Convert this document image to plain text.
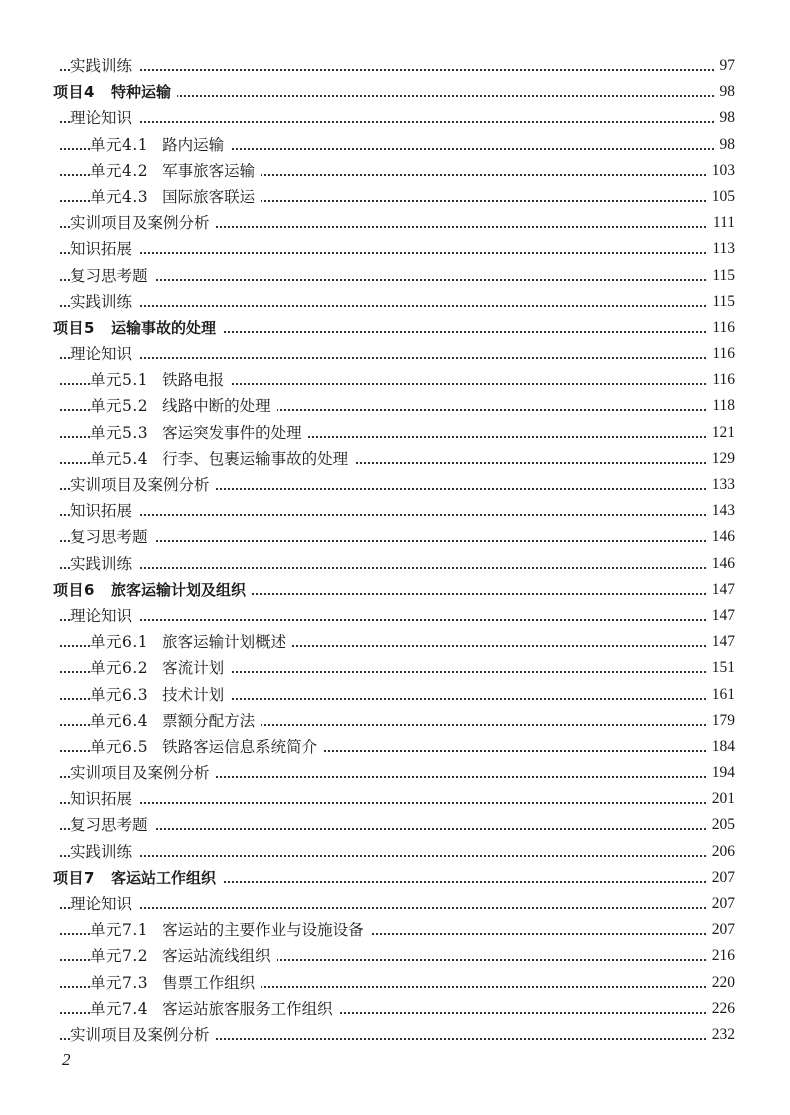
实践训练	97
项目4 特种运输	98
理论知识	98
单元4.1 路内运输	98
单元4.2 军事旅客运输	103
单元4.3 国际旅客联运	105
实训项目及案例分析	111
知识拓展	113
复习思考题	115
实践训练	115
项目5 运输事故的处理	116
理论知识	116
单元5.1 铁路电报	116
单元5.2 线路中断的处理	118
单元5.3 客运突发事件的处理	121
单元5.4 行李、包裹运输事故的处理	129
实训项目及案例分析	133
知识拓展	143
复习思考题	146
实践训练	146
项目6 旅客运输计划及组织	147
理论知识	147
单元6.1 旅客运输计划概述	147
单元6.2 客流计划	151
单元6.3 技术计划	161
单元6.4 票额分配方法	179
单元6.5 铁路客运信息系统简介	184
实训项目及案例分析	194
知识拓展	201
复习思考题	205
实践训练	206
项目7 客运站工作组织	207
理论知识	207
单元7.1 客运站的主要作业与设施设备	207
单元7.2 客运站流线组织	216
单元7.3 售票工作组织	220
单元7.4 客运站旅客服务工作组织	226
实训项目及案例分析	232
2
